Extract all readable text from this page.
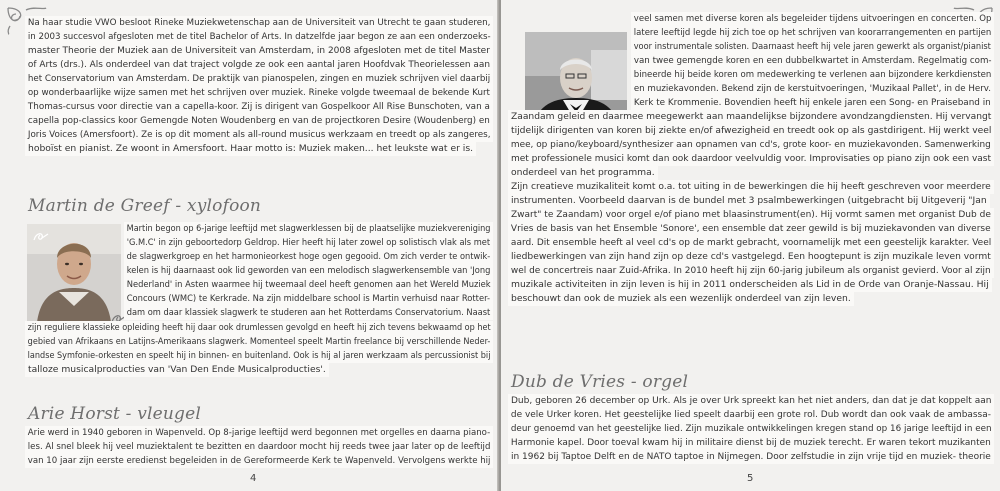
Na haar studie VWO besloot Rineke Muziekwetenschap aan de Universiteit van Utrecht te gaan studeren,
in 2003 succesvol afgesloten met de titel Bachelor of Arts. In datzelfde jaar begon ze aan een onderzoeks-
master Theorie der Muziek aan de Universiteit van Amsterdam, in 2008 afgesloten met de titel Master
of Arts (drs.). Als onderdeel van dat traject volgde ze ook een aantal jaren Hoofdvak Theorielessen aan
het Conservatorium van Amsterdam. De praktijk van pianospelen, zingen en muziek schrijven viel daarbij
op wonderbaarlijke wijze samen met het schrijven over muziek. Rineke volgde tweemaal de bekende Kurt
Thomas-cursus voor directie van a capella-koor. Zij is dirigent van Gospelkoor All Rise Bunschoten, van a
capella pop-classics koor Gemengde Noten Woudenberg en van de projectkoren Desire (Woudenberg) en
Joris Voices (Amersfoort). Ze is op dit moment als all-round musicus werkzaam en treedt op als zangeres,
hoboïst en pianist. Ze woont in Amersfoort. Haar motto is: Muziek maken... het leukste wat er is.
Martin de Greef - xylofoon
Martin begon op 6-jarige leeftijd met slagwerklessen bij de plaatselijke muziekvereniging
'G.M.C' in zijn geboortedorp Geldrop. Hier heeft hij later zowel op solistisch vlak als met
de slagwerkgroep en het harmonieorkest hoge ogen gegooid. Om zich verder te ontwik-
kelen is hij daarnaast ook lid geworden van een melodisch slagwerkensemble van 'Jong
Nederland' in Asten waarmee hij tweemaal deel heeft genomen aan het Wereld Muziek
Concours (WMC) te Kerkrade. Na zijn middelbare school is Martin verhuisd naar Rotter-
dam om daar klassiek slagwerk te studeren aan het Rotterdams Conservatorium. Naast
zijn reguliere klassieke opleiding heeft hij daar ook drumlessen gevolgd en heeft hij zich tevens bekwaamd op het
gebied van Afrikaans en Latijns-Amerikaans slagwerk. Momenteel speelt Martin freelance bij verschillende Neder-
landse Symfonie-orkesten en speelt hij in binnen- en buitenland. Ook is hij al jaren werkzaam als percussionist bij
talloze musicalproducties van 'Van Den Ende Musicalproducties'.
Arie Horst - vleugel
Arie werd in 1940 geboren in Wapenveld. Op 8-jarige leeftijd werd begonnen met orgelles en daarna piano-
les. Al snel bleek hij veel muziektalent te bezitten en daardoor mocht hij reeds twee jaar later op de leeftijd
van 10 jaar zijn eerste eredienst begeleiden in de Gereformeerde Kerk te Wapenveld. Vervolgens werkte hij
4
veel samen met diverse koren als begeleider tijdens uitvoeringen en concerten. Op
latere leeftijd legde hij zich toe op het schrijven van koorarrangementen en partijen
voor instrumentale solisten. Daarnaast heeft hij vele jaren gewerkt als organist/pianist
van twee gemengde koren en een dubbelkwartet in Amsterdam. Regelmatig com-
bineerde hij beide koren om medewerking te verlenen aan bijzondere kerkdiensten
en muziekavonden. Bekend zijn de kerstuitvoeringen, 'Muzikaal Pallet', in de Herv.
Kerk te Krommenie. Bovendien heeft hij enkele jaren een Song- en Praiseband in
Zaandam geleid en daarmee meegewerkt aan maandelijkse bijzondere avondzangdiensten. Hij vervangt
tijdelijk dirigenten van koren bij ziekte en/of afwezigheid en treedt ook op als gastdirigent. Hij werkt veel
mee, op piano/keyboard/synthesizer aan opnamen van cd's, grote koor- en muziekavonden. Samenwerking
met professionele musici komt dan ook daardoor veelvuldig voor. Improvisaties op piano zijn ook een vast
onderdeel van het programma.
Zijn creatieve muzikaliteit komt o.a. tot uiting in de bewerkingen die hij heeft geschreven voor meerdere
instrumenten. Voorbeeld daarvan is de bundel met 3 psalmbewerkingen (uitgebracht bij Uitgeverij "Jan
Zwart" te Zaandam) voor orgel e/of piano met blaasinstrument(en). Hij vormt samen met organist Dub de
Vries de basis van het Ensemble 'Sonore', een ensemble dat zeer gewild is bij muziekavonden van diverse
aard. Dit ensemble heeft al veel cd's op de markt gebracht, voornamelijk met een geestelijk karakter. Veel
liedbewerkingen van zijn hand zijn op deze cd's vastgelegd. Een hoogtepunt is zijn muzikale leven vormt
wel de concertreis naar Zuid-Afrika. In 2010 heeft hij zijn 60-jarig jubileum als organist gevierd. Voor al zijn
muzikale activiteiten in zijn leven is hij in 2011 onderscheiden als Lid in de Orde van Oranje-Nassau. Hij
beschouwt dan ook de muziek als een wezenlijk onderdeel van zijn leven.
Dub de Vries - orgel
Dub, geboren 26 december op Urk. Als je over Urk spreekt kan het niet anders, dan dat je dat koppelt aan
de vele Urker koren. Het geestelijke lied speelt daarbij een grote rol. Dub wordt dan ook vaak de ambassa-
deur genoemd van het geestelijke lied. Zijn muzikale ontwikkelingen kregen stand op 16 jarige leeftijd in een
Harmonie kapel. Door toeval kwam hij in militaire dienst bij de muziek terecht. Er waren tekort muzikanten
in 1962 bij Taptoe Delft en de NATO taptoe in Nijmegen. Door zelfstudie in zijn vrije tijd en muziek- theorie
5
